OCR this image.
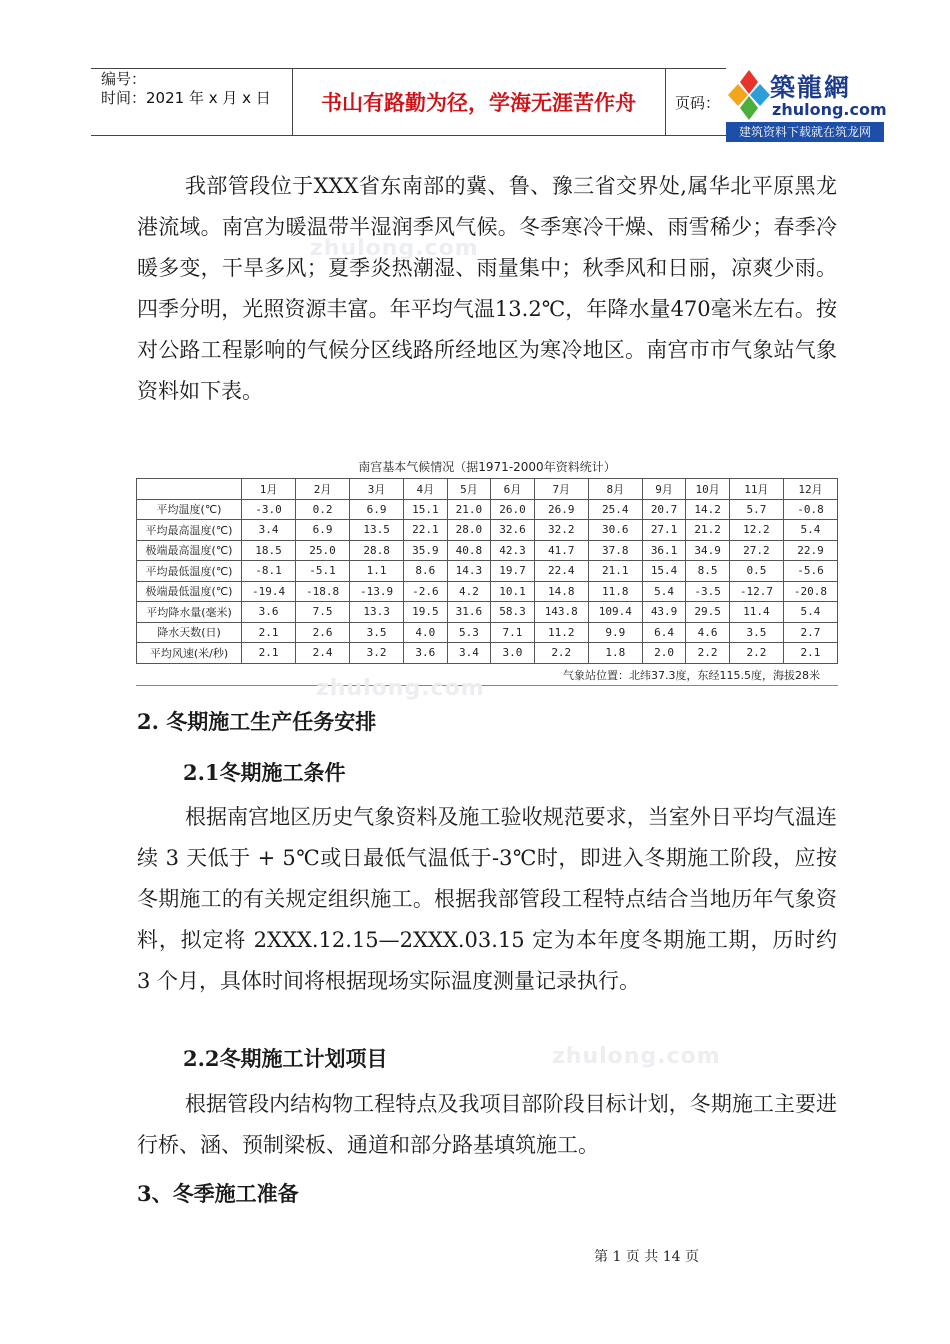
编号：
时间：2021 年 x 月 x 日	书山有路勤为径，学海无涯苦作舟	页码：
築龍網
zhulong.com
建筑资料下载就在筑龙网

我部管段位于XXX省东南部的冀、鲁、豫三省交界处,属华北平原黑龙港流域。南宫为暖温带半湿润季风气候。冬季寒冷干燥、雨雪稀少；春季冷暖多变，干旱多风；夏季炎热潮湿、雨量集中；秋季风和日丽，凉爽少雨。四季分明，光照资源丰富。年平均气温13.2℃，年降水量470毫米左右。按对公路工程影响的气候分区线路所经地区为寒冷地区。南宫市市气象站气象资料如下表。

南宫基本气候情况（据1971-2000年资料统计）
	1月	2月	3月	4月	5月	6月	7月	8月	9月	10月	11月	12月
平均温度(℃)	-3.0	0.2	6.9	15.1	21.0	26.0	26.9	25.4	20.7	14.2	5.7	-0.8
平均最高温度(℃)	3.4	6.9	13.5	22.1	28.0	32.6	32.2	30.6	27.1	21.2	12.2	5.4
极端最高温度(℃)	18.5	25.0	28.8	35.9	40.8	42.3	41.7	37.8	36.1	34.9	27.2	22.9
平均最低温度(℃)	-8.1	-5.1	1.1	8.6	14.3	19.7	22.4	21.1	15.4	8.5	0.5	-5.6
极端最低温度(℃)	-19.4	-18.8	-13.9	-2.6	4.2	10.1	14.8	11.8	5.4	-3.5	-12.7	-20.8
平均降水量(毫米)	3.6	7.5	13.3	19.5	31.6	58.3	143.8	109.4	43.9	29.5	11.4	5.4
降水天数(日)	2.1	2.6	3.5	4.0	5.3	7.1	11.2	9.9	6.4	4.6	3.5	2.7
平均风速(米/秒)	2.1	2.4	3.2	3.6	3.4	3.0	2.2	1.8	2.0	2.2	2.2	2.1
气象站位置：北纬37.3度，东经115.5度，海拔28米
2. 冬期施工生产任务安排
2.1冬期施工条件

根据南宫地区历史气象资料及施工验收规范要求，当室外日平均气温连续 3 天低于 + 5℃或日最低气温低于-3℃时，即进入冬期施工阶段，应按冬期施工的有关规定组织施工。根据我部管段工程特点结合当地历年气象资料，拟定将 2XXX.12.15—2XXX.03.15 定为本年度冬期施工期，历时约 3 个月，具体时间将根据现场实际温度测量记录执行。

2.2冬期施工计划项目

根据管段内结构物工程特点及我项目部阶段目标计划，冬期施工主要进行桥、涵、预制梁板、通道和部分路基填筑施工。

3、冬季施工准备
第 1 页 共 14 页
zhulong.com
zhulong.com
zhulong.com
